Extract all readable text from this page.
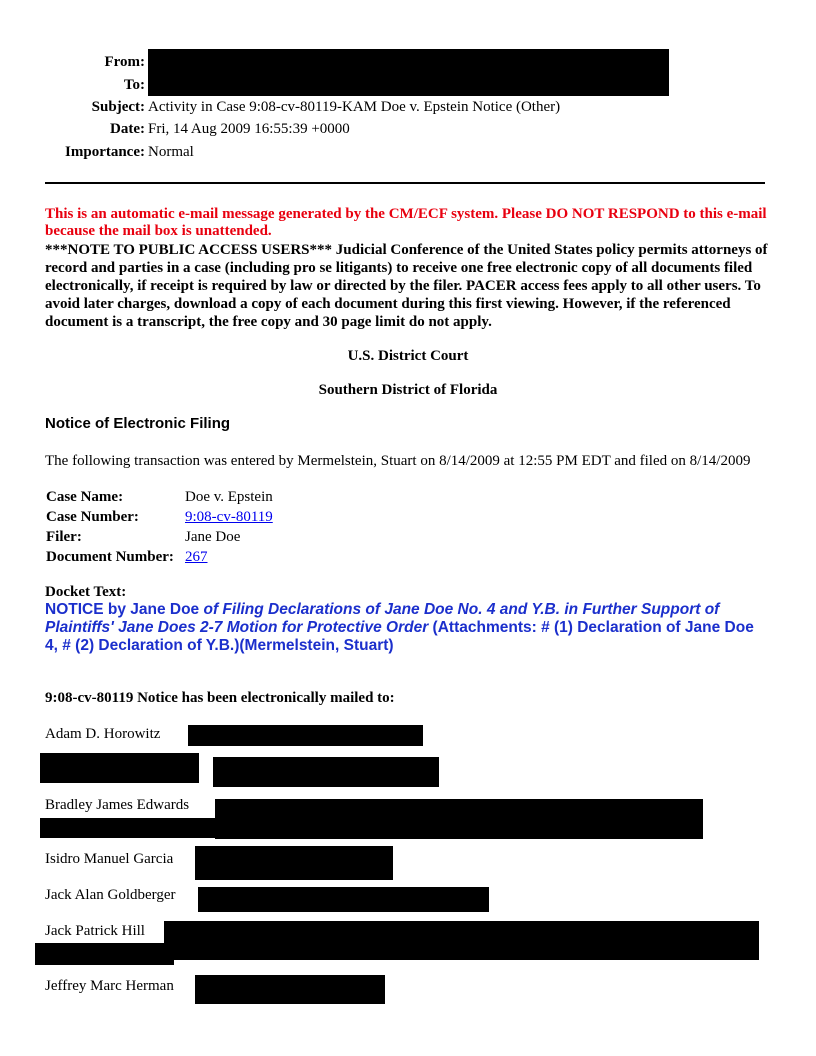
From:
To:
Subject: Activity in Case 9:08-cv-80119-KAM Doe v. Epstein Notice (Other)
Date: Fri, 14 Aug 2009 16:55:39 +0000
Importance: Normal
This is an automatic e-mail message generated by the CM/ECF system. Please DO NOT RESPOND to this e-mail because the mail box is unattended.
***NOTE TO PUBLIC ACCESS USERS*** Judicial Conference of the United States policy permits attorneys of record and parties in a case (including pro se litigants) to receive one free electronic copy of all documents filed electronically, if receipt is required by law or directed by the filer. PACER access fees apply to all other users. To avoid later charges, download a copy of each document during this first viewing. However, if the referenced document is a transcript, the free copy and 30 page limit do not apply.
U.S. District Court
Southern District of Florida
Notice of Electronic Filing
The following transaction was entered by Mermelstein, Stuart on 8/14/2009 at 12:55 PM EDT and filed on 8/14/2009
Case Name:	Doe v. Epstein
Case Number:	9:08-cv-80119
Filer:	Jane Doe
Document Number: 267
Docket Text:
NOTICE by Jane Doe of Filing Declarations of Jane Doe No. 4 and Y.B. in Further Support of Plaintiffs' Jane Does 2-7 Motion for Protective Order (Attachments: # (1) Declaration of Jane Doe 4, # (2) Declaration of Y.B.)(Mermelstein, Stuart)
9:08-cv-80119 Notice has been electronically mailed to:
Adam D. Horowitz
Bradley James Edwards
Isidro Manuel Garcia
Jack Alan Goldberger
Jack Patrick Hill
Jeffrey Marc Herman
